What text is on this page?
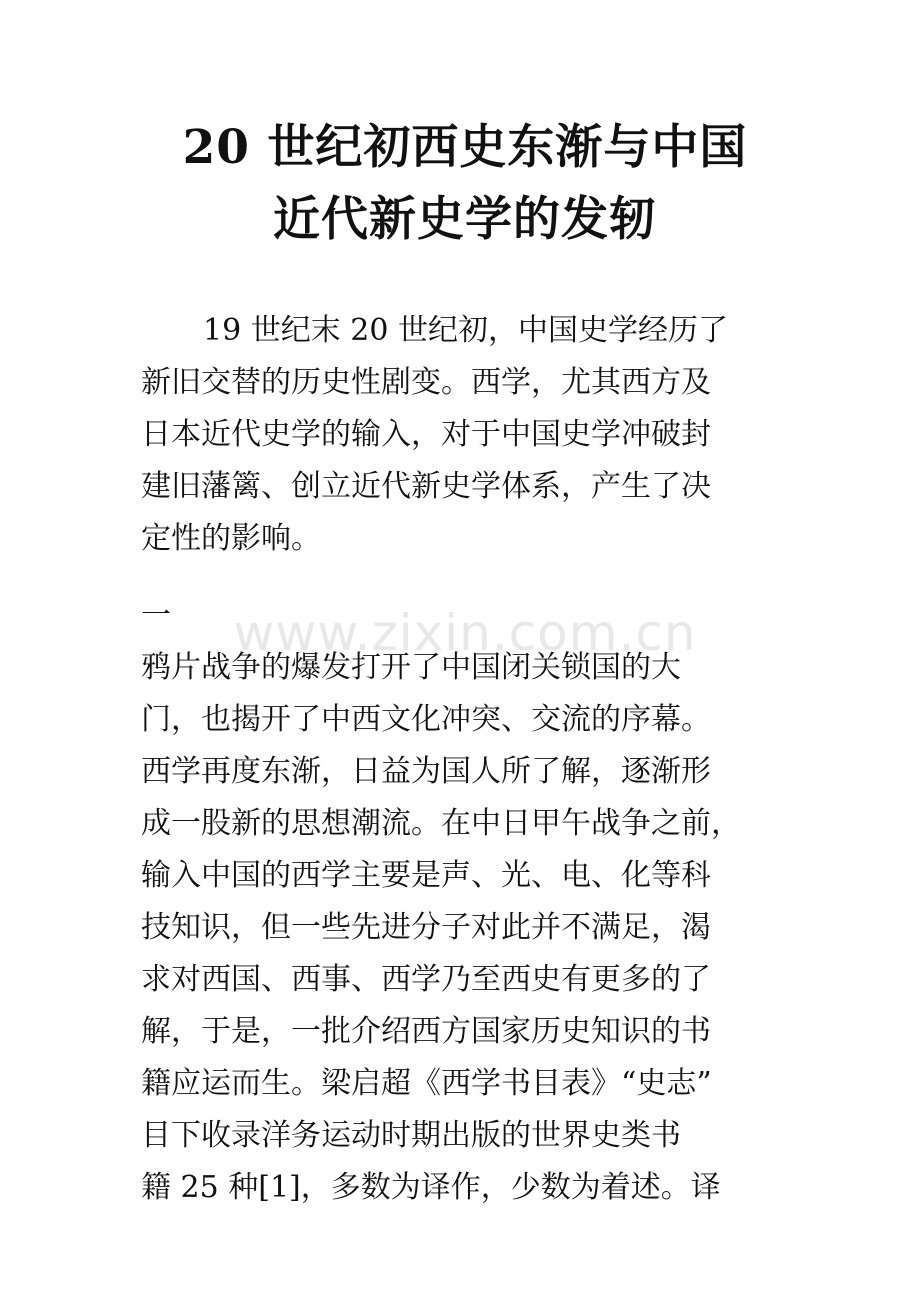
20 世纪初西史东渐与中国
近代新史学的发轫
19 世纪末 20 世纪初，中国史学经历了
新旧交替的历史性剧变。西学，尤其西方及
日本近代史学的输入，对于中国史学冲破封
建旧藩篱、创立近代新史学体系，产生了决
定性的影响。
一
鸦片战争的爆发打开了中国闭关锁国的大
门，也揭开了中西文化冲突、交流的序幕。
西学再度东渐，日益为国人所了解，逐渐形
成一股新的思想潮流。在中日甲午战争之前，
输入中国的西学主要是声、光、电、化等科
技知识，但一些先进分子对此并不满足，渴
求对西国、西事、西学乃至西史有更多的了
解，于是，一批介绍西方国家历史知识的书
籍应运而生。梁启超《西学书目表》“史志”
目下收录洋务运动时期出版的世界史类书
籍 25 种[1]，多数为译作，少数为着述。译
www.zixin.com.cn
